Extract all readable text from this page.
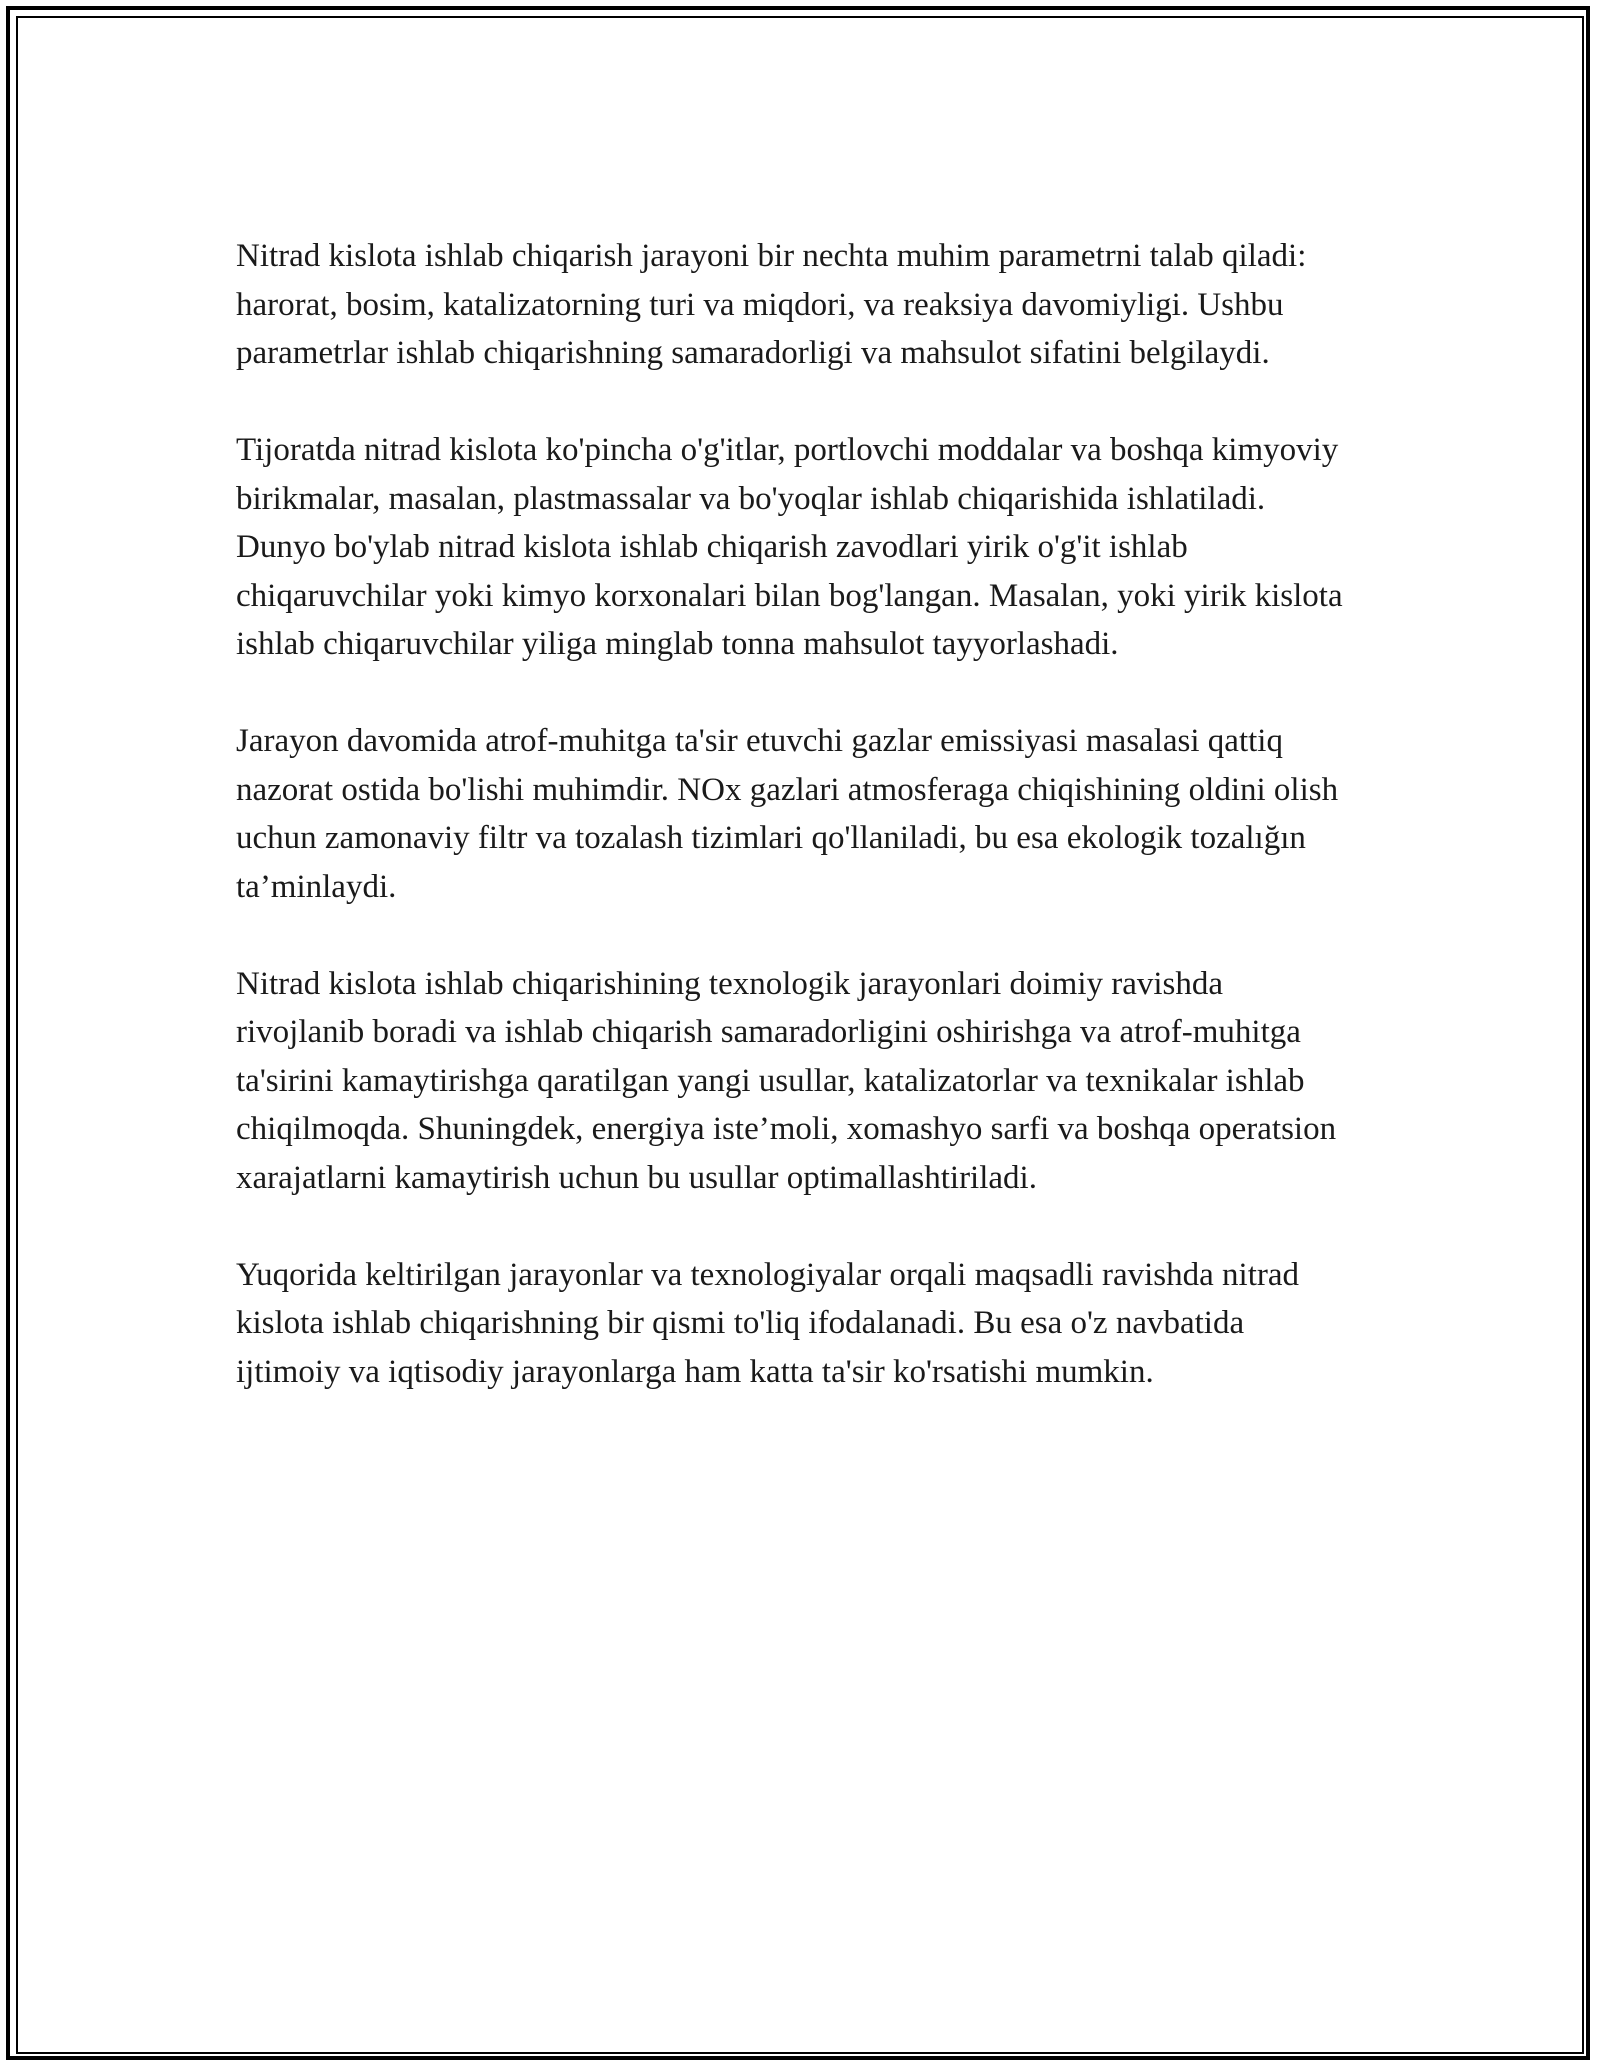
Nitrad kislota ishlab chiqarish jarayoni bir nechta muhim parametrni talab qiladi: harorat, bosim, katalizatorning turi va miqdori, va reaksiya davomiyligi. Ushbu parametrlar ishlab chiqarishning samaradorligi va mahsulot sifatini belgilaydi.

Tijoratda nitrad kislota ko'pincha o'g'itlar, portlovchi moddalar va boshqa kimyoviy birikmalar, masalan, plastmassalar va bo'yoqlar ishlab chiqarishida ishlatiladi. Dunyo bo'ylab nitrad kislota ishlab chiqarish zavodlari yirik o'g'it ishlab chiqaruvchilar yoki kimyo korxonalari bilan bog'langan. Masalan, yoki yirik kislota ishlab chiqaruvchilar yiliga minglab tonna mahsulot tayyorlashadi.

Jarayon davomida atrof-muhitga ta'sir etuvchi gazlar emissiyasi masalasi qattiq nazorat ostida bo'lishi muhimdir. NOx gazlari atmosferaga chiqishining oldini olish uchun zamonaviy filtr va tozalash tizimlari qo'llaniladi, bu esa ekologik tozalığın ta’minlaydi.

Nitrad kislota ishlab chiqarishining texnologik jarayonlari doimiy ravishda rivojlanib boradi va ishlab chiqarish samaradorligini oshirishga va atrof-muhitga ta'sirini kamaytirishga qaratilgan yangi usullar, katalizatorlar va texnikalar ishlab chiqilmoqda. Shuningdek, energiya iste’moli, xomashyo sarfi va boshqa operatsion xarajatlarni kamaytirish uchun bu usullar optimallashtiriladi.

Yuqorida keltirilgan jarayonlar va texnologiyalar orqali maqsadli ravishda nitrad kislota ishlab chiqarishning bir qismi to'liq ifodalanadi. Bu esa o'z navbatida ijtimoiy va iqtisodiy jarayonlarga ham katta ta'sir ko'rsatishi mumkin.
